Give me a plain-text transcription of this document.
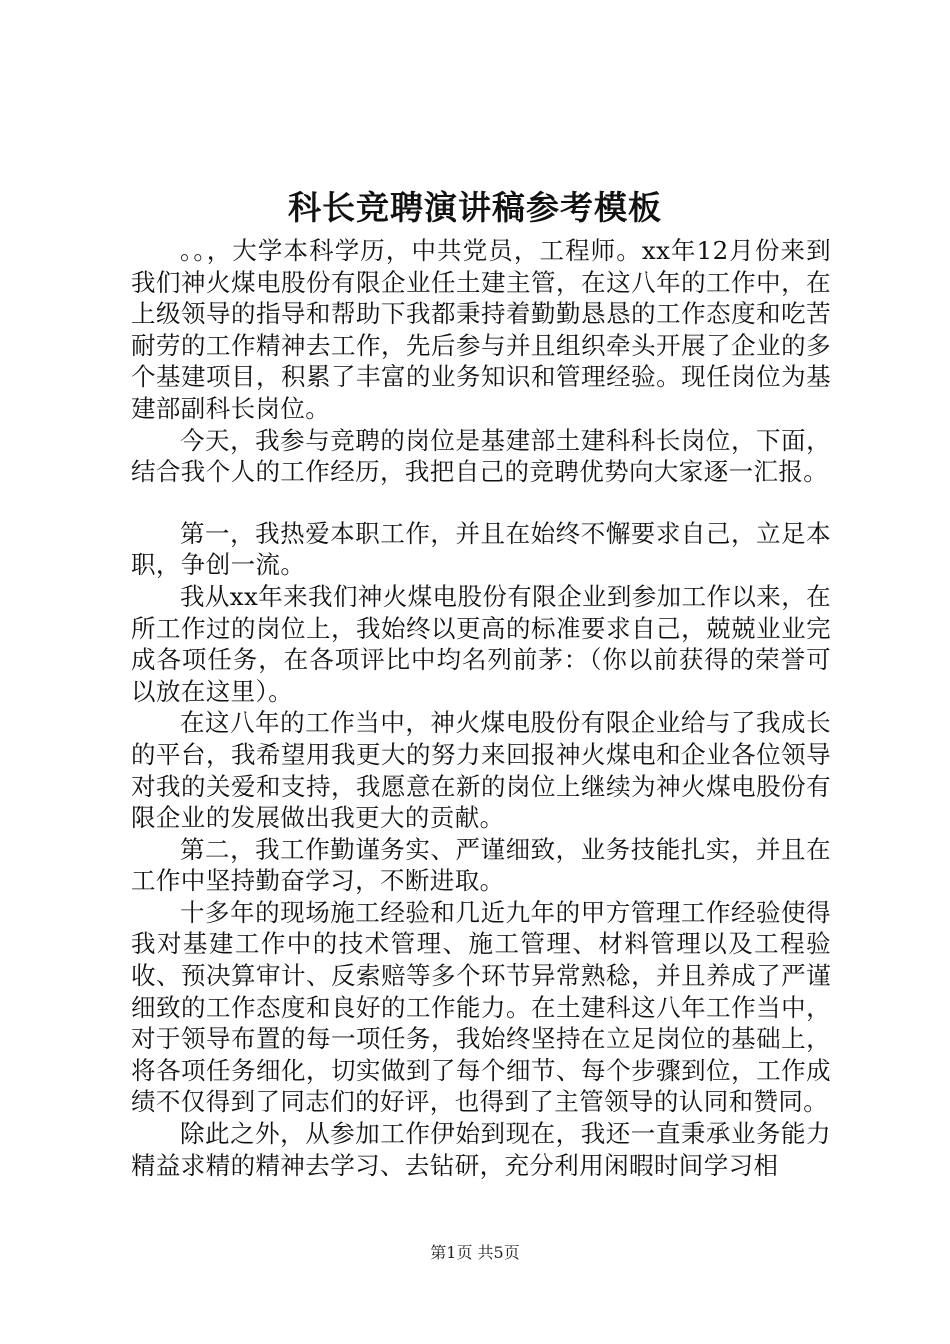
科长竞聘演讲稿参考模板

。。，大学本科学历，中共党员，工程师。xx年12月份来到我们神火煤电股份有限企业任土建主管，在这八年的工作中，在上级领导的指导和帮助下我都秉持着勤勤恳恳的工作态度和吃苦耐劳的工作精神去工作，先后参与并且组织牵头开展了企业的多个基建项目，积累了丰富的业务知识和管理经验。现任岗位为基建部副科长岗位。

今天，我参与竞聘的岗位是基建部土建科科长岗位，下面，结合我个人的工作经历，我把自己的竞聘优势向大家逐一汇报。

第一，我热爱本职工作，并且在始终不懈要求自己，立足本职，争创一流。

我从xx年来我们神火煤电股份有限企业到参加工作以来，在所工作过的岗位上，我始终以更高的标准要求自己，兢兢业业完成各项任务，在各项评比中均名列前茅：（你以前获得的荣誉可以放在这里）。

在这八年的工作当中，神火煤电股份有限企业给与了我成长的平台，我希望用我更大的努力来回报神火煤电和企业各位领导对我的关爱和支持，我愿意在新的岗位上继续为神火煤电股份有限企业的发展做出我更大的贡献。

第二，我工作勤谨务实、严谨细致，业务技能扎实，并且在工作中坚持勤奋学习，不断进取。

十多年的现场施工经验和几近九年的甲方管理工作经验使得我对基建工作中的技术管理、施工管理、材料管理以及工程验收、预决算审计、反索赔等多个环节异常熟稔，并且养成了严谨细致的工作态度和良好的工作能力。在土建科这八年工作当中，对于领导布置的每一项任务，我始终坚持在立足岗位的基础上，将各项任务细化，切实做到了每个细节、每个步骤到位，工作成绩不仅得到了同志们的好评，也得到了主管领导的认同和赞同。

除此之外，从参加工作伊始到现在，我还一直秉承业务能力精益求精的精神去学习、去钻研，充分利用闲暇时间学习相

第1页 共5页
